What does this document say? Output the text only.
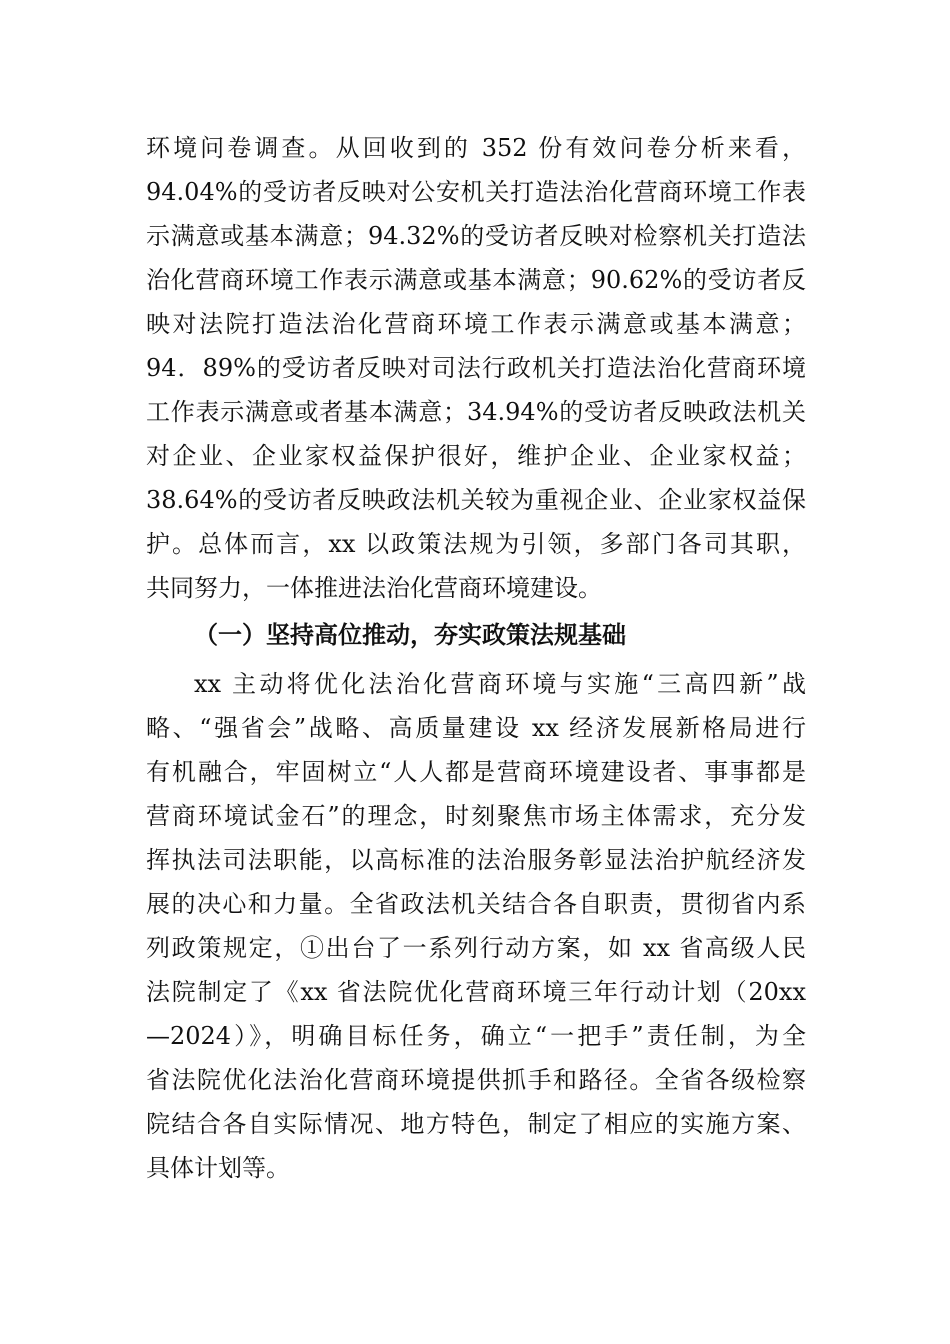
环境问卷调查。从回收到的 352 份有效问卷分析来看，
94.04%的受访者反映对公安机关打造法治化营商环境工作表
示满意或基本满意；94.32%的受访者反映对检察机关打造法
治化营商环境工作表示满意或基本满意；90.62%的受访者反
映对法院打造法治化营商环境工作表示满意或基本满意；
94．89%的受访者反映对司法行政机关打造法治化营商环境
工作表示满意或者基本满意；34.94%的受访者反映政法机关
对企业、企业家权益保护很好，维护企业、企业家权益；
38.64%的受访者反映政法机关较为重视企业、企业家权益保
护。总体而言，xx 以政策法规为引领，多部门各司其职，
共同努力，一体推进法治化营商环境建设。
（一）坚持高位推动，夯实政策法规基础
xx 主动将优化法治化营商环境与实施“三高四新”战
略、“强省会”战略、高质量建设 xx 经济发展新格局进行
有机融合，牢固树立“人人都是营商环境建设者、事事都是
营商环境试金石”的理念，时刻聚焦市场主体需求，充分发
挥执法司法职能，以高标准的法治服务彰显法治护航经济发
展的决心和力量。全省政法机关结合各自职责，贯彻省内系
列政策规定，①出台了一系列行动方案，如 xx 省高级人民
法院制定了《xx 省法院优化营商环境三年行动计划（20xx
—2024）》，明确目标任务，确立“一把手”责任制，为全
省法院优化法治化营商环境提供抓手和路径。全省各级检察
院结合各自实际情况、地方特色，制定了相应的实施方案、
具体计划等。
